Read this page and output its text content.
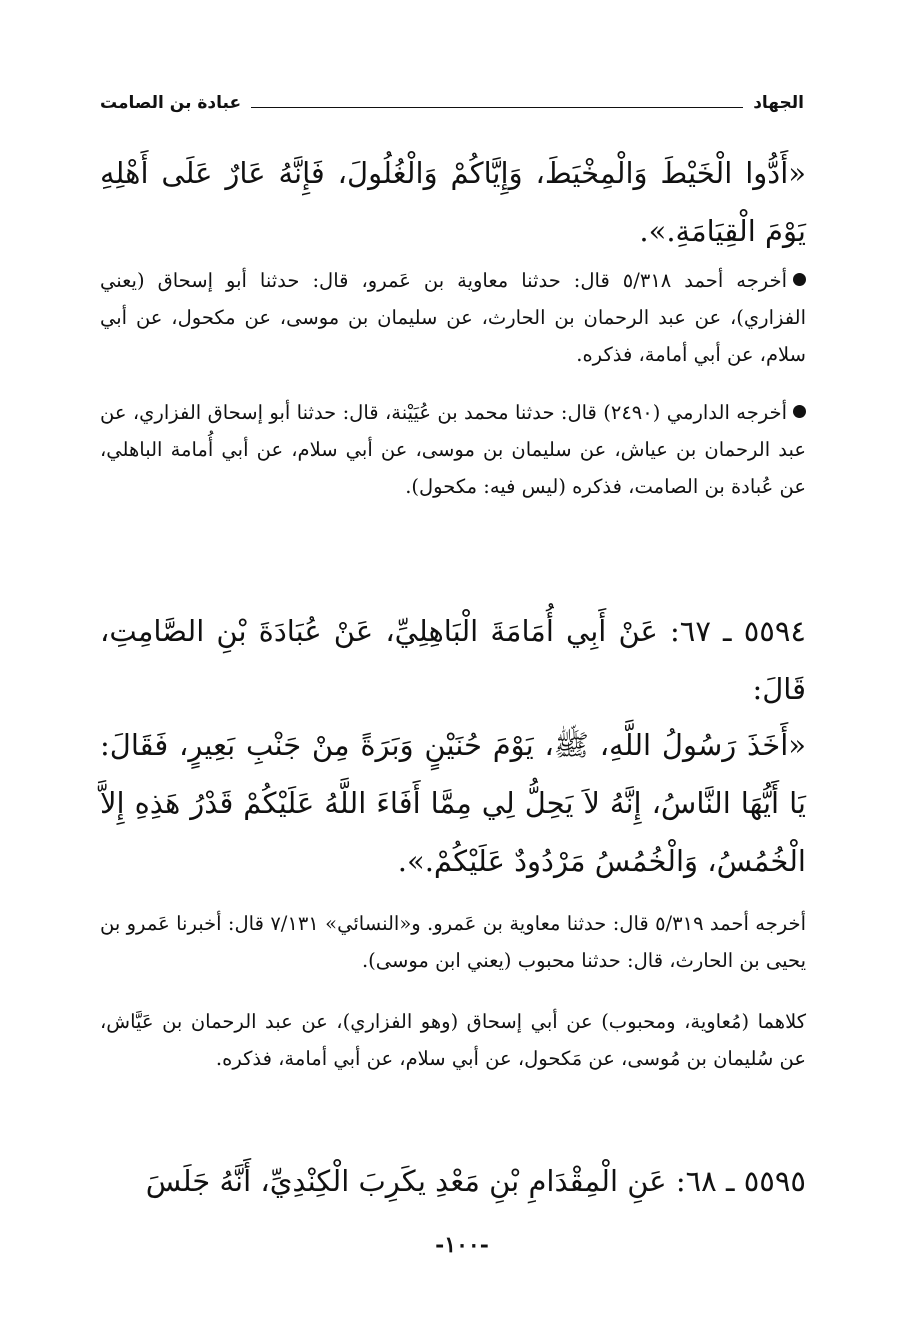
الجهاد
عبادة بن الصامت
«أَدُّوا الْخَيْطَ وَالْمِخْيَطَ، وَإِيَّاكُمْ وَالْغُلُولَ، فَإِنَّهُ عَارٌ عَلَى أَهْلِهِ يَوْمَ الْقِيَامَةِ.».
أخرجه أحمد ٥/٣١٨ قال: حدثنا معاوية بن عَمرو، قال: حدثنا أبو إسحاق (يعني الفزاري)، عن عبد الرحمان بن الحارث، عن سليمان بن موسى، عن مكحول، عن أبي سلام، عن أبي أمامة، فذكره.
أخرجه الدارمي (٢٤٩٠) قال: حدثنا محمد بن عُيَيْنة، قال: حدثنا أبو إسحاق الفزاري، عن عبد الرحمان بن عياش، عن سليمان بن موسى، عن أبي سلام، عن أبي أُمامة الباهلي، عن عُبادة بن الصامت، فذكره (ليس فيه: مكحول).
٥٥٩٤ ـ ٦٧: عَنْ أَبِي أُمَامَةَ الْبَاهِلِيِّ، عَنْ عُبَادَةَ بْنِ الصَّامِتِ، قَالَ:
«أَخَذَ رَسُولُ اللَّهِ، ﷺ، يَوْمَ حُنَيْنٍ وَبَرَةً مِنْ جَنْبِ بَعِيرٍ، فَقَالَ: يَا أَيُّهَا النَّاسُ، إِنَّهُ لاَ يَحِلُّ لِي مِمَّا أَفَاءَ اللَّهُ عَلَيْكُمْ قَدْرُ هَذِهِ إِلاَّ الْخُمُسُ، وَالْخُمُسُ مَرْدُودٌ عَلَيْكُمْ.».
أخرجه أحمد ٥/٣١٩ قال: حدثنا معاوية بن عَمرو. و«النسائي» ٧/١٣١ قال: أخبرنا عَمرو بن يحيى بن الحارث، قال: حدثنا محبوب (يعني ابن موسى).
كلاهما (مُعاوية، ومحبوب) عن أبي إسحاق (وهو الفزاري)، عن عبد الرحمان بن عَيَّاش، عن سُليمان بن مُوسى، عن مَكحول، عن أبي سلام، عن أبي أمامة، فذكره.
٥٥٩٥ ـ ٦٨: عَنِ الْمِقْدَامِ بْنِ مَعْدِ يكَرِبَ الْكِنْدِيِّ، أَنَّهُ جَلَسَ
-١٠٠-
